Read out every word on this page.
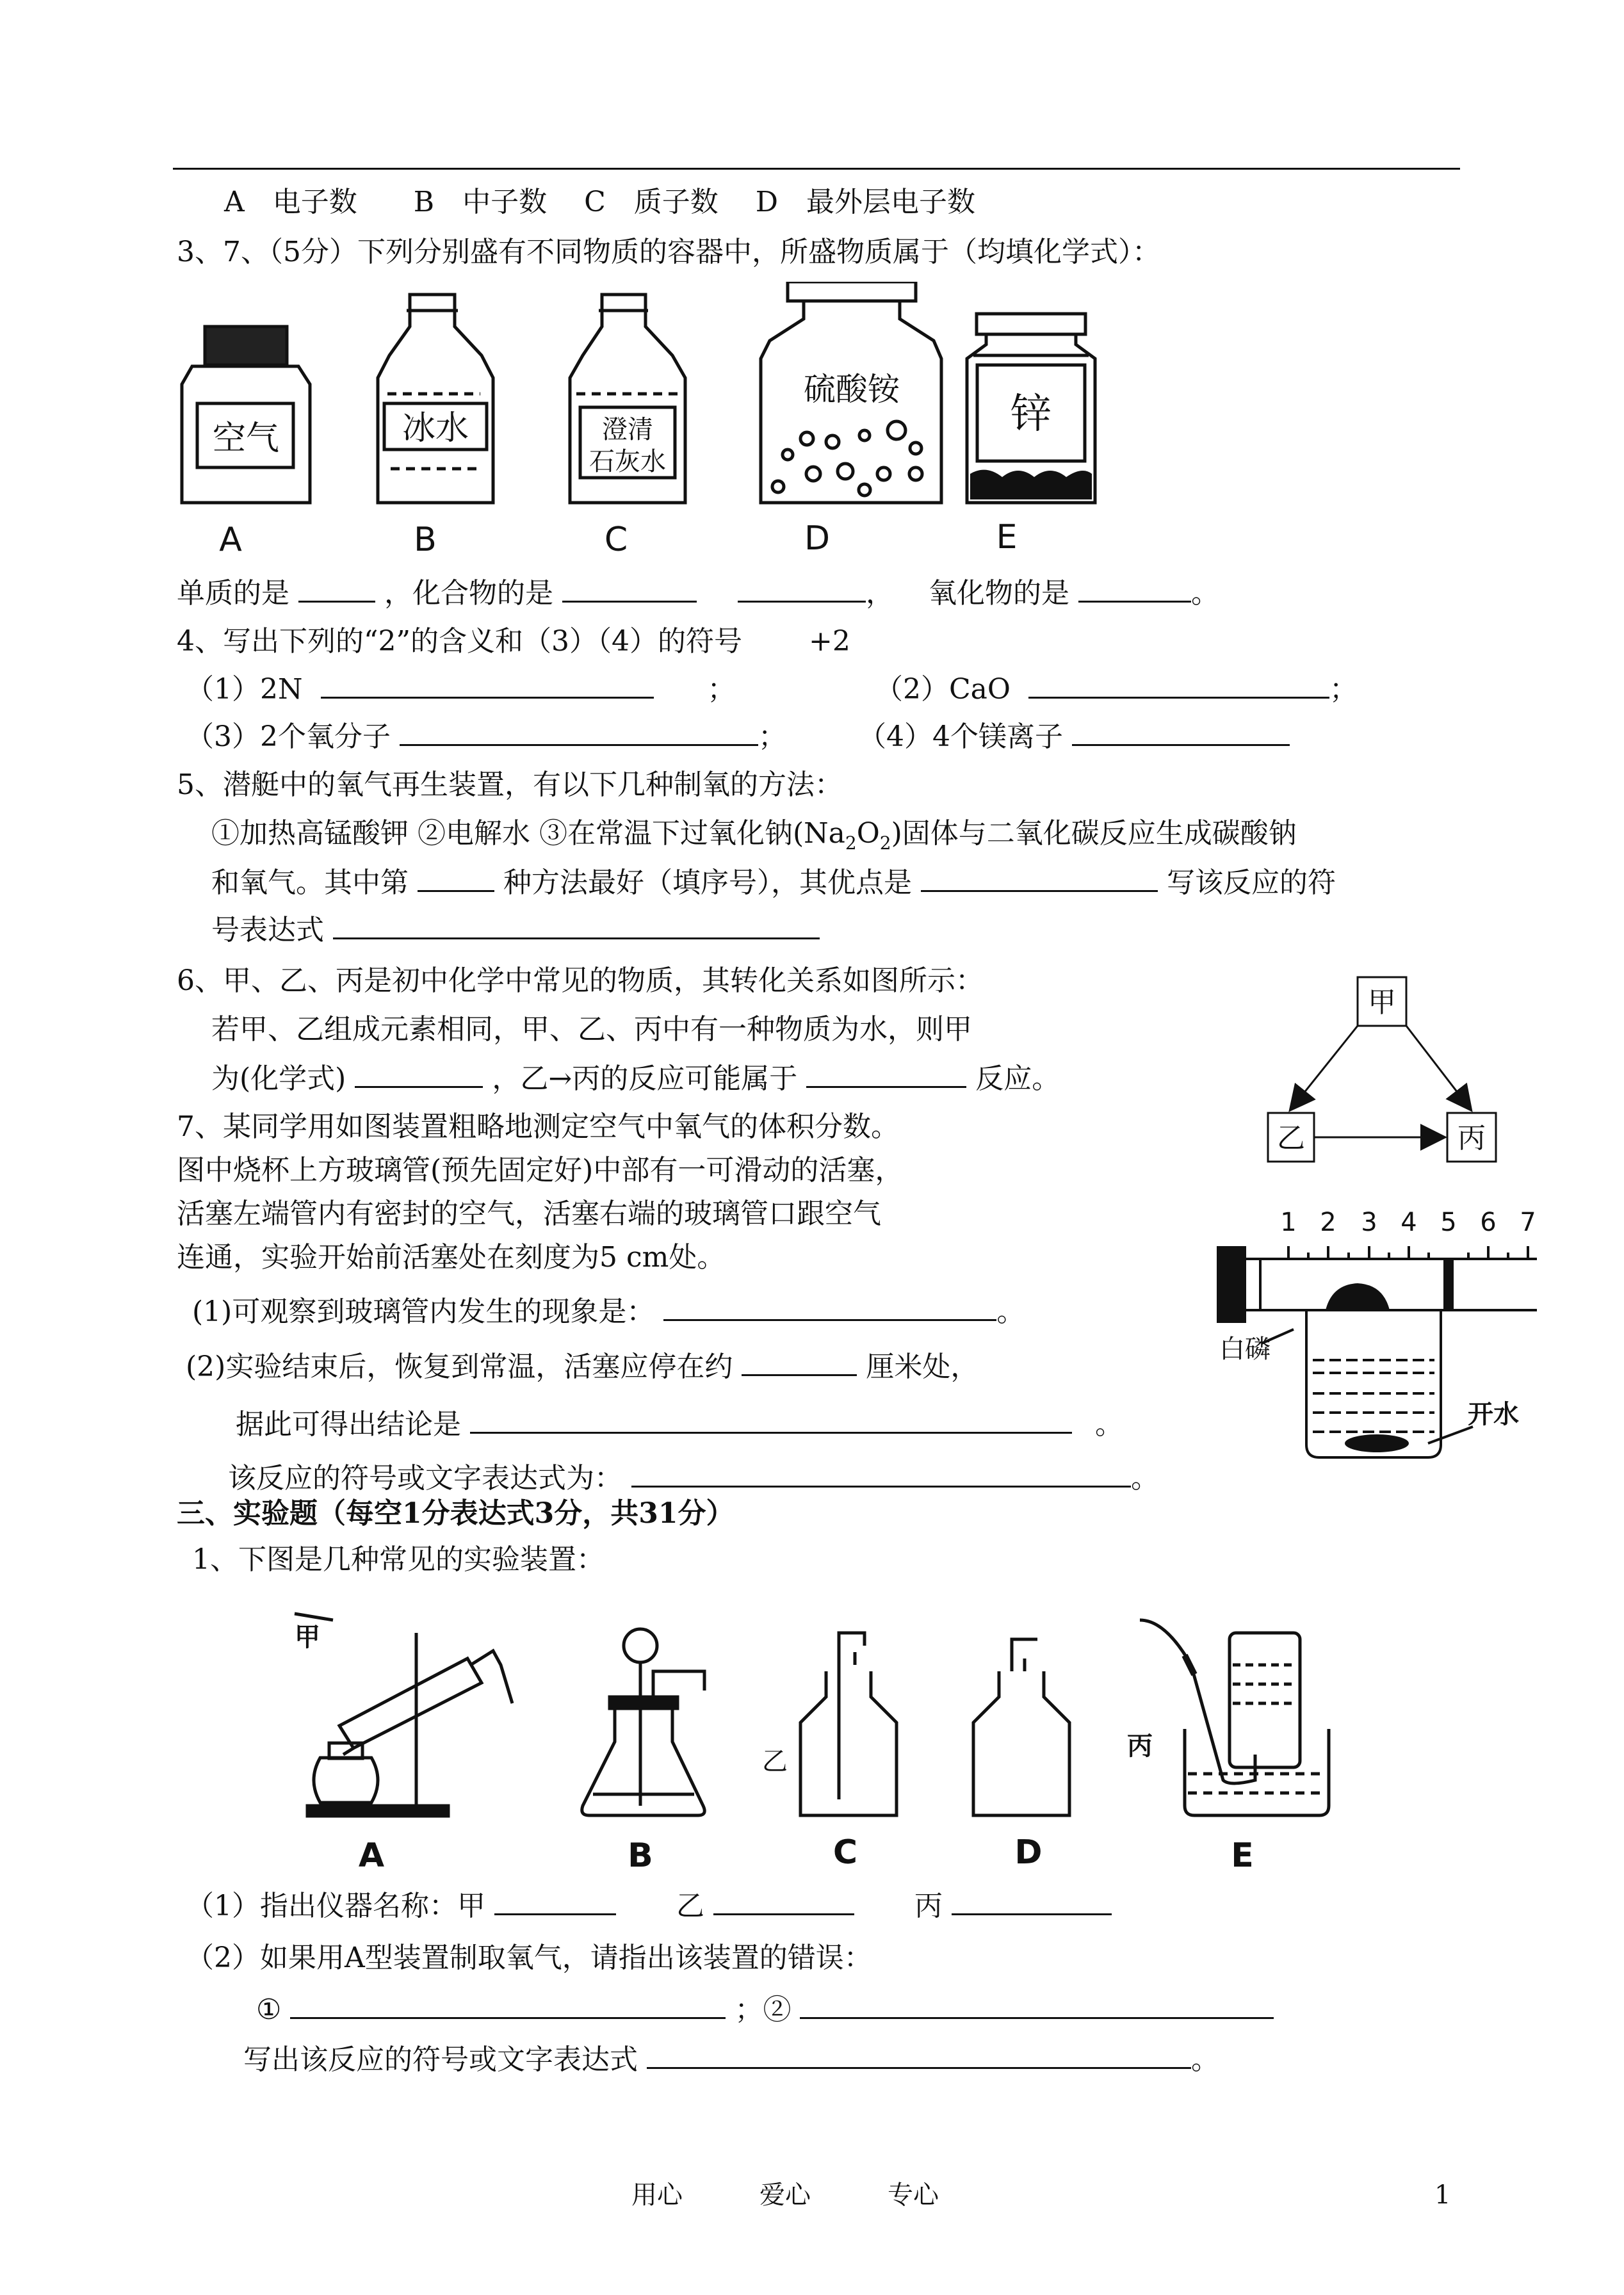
A　电子数　　B　中子数　 C　质子数　 D　最外层电子数
3、7、（5分）下列分别盛有不同物质的容器中，所盛物质属于（均填化学式）：
空气	冰水	澄清
石灰水
硫酸铵
锌
A	B	C	D	E
单质的是	，化合物的是	， 氧化物的是	。
4、写出下列的“2”的含义和（3）（4）的符号 +2
（1）2N	；	（2）CaO	；
（3）2个氧分子	；	（4）4个镁离子
5、潜艇中的氧气再生装置，有以下几种制氧的方法：
①加热高锰酸钾 ②电解水 ③在常温下过氧化钠$(Na_2O_2)$固体与二氧化碳反应生成碳酸钠
和氧气。其中第	种方法最好（填序号），其优点是	写该反应的符
号表达式
6、甲、乙、丙是初中化学中常见的物质，其转化关系如图所示：
若甲、乙组成元素相同，甲、乙、丙中有一种物质为水，则甲
为(化学式)	，乙→丙的反应可能属于	反应。
甲
乙	丙
7、某同学用如图装置粗略地测定空气中氧气的体积分数。
图中烧杯上方玻璃管(预先固定好)中部有一可滑动的活塞，
活塞左端管内有密封的空气，活塞右端的玻璃管口跟空气
连通，实验开始前活塞处在刻度为5 cm处。
(1)可观察到玻璃管内发生的现象是：	。
(2)实验结束后，恢复到常温，活塞应停在约	厘米处，
据此可得出结论是	。
该反应的符号或文字表达式为：	。
1 2 3 4 5 6 7
白磷
开水
三、实验题（每空1分表达式3分，共31分）
1、下图是几种常见的实验装置：
A	B	C	D	E
甲
乙
丙
（1）指出仪器名称：甲	乙	丙
（2）如果用A型装置制取氧气，请指出该装置的错误：
①	；②
写出该反应的符号或文字表达式	。
用心　　　爱心　　　专心	1
